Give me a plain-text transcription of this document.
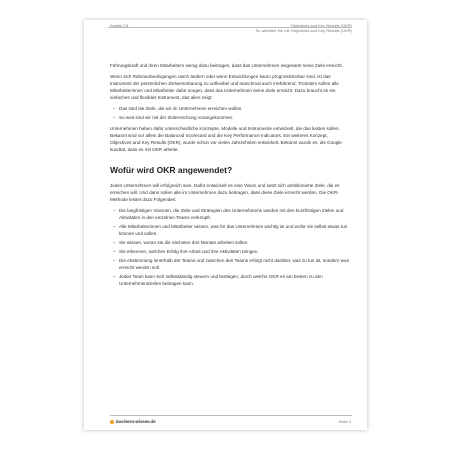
Kapitel 2|1	Objectives and Key Results (OKR)
So arbeiten Sie mit Objectives and Key Results (OKR)

Führungskraft und ihren Mitarbeitern wenig dazu beitragen, dass das Unternehmen insgesamt seine Ziele erreicht.

Wenn sich Rahmenbedingungen rasch ändern oder wenn Entwicklungen kaum prognostizierbar sind, ist das Instrument der persönlichen Zielvereinbarung zu unflexibel und manchmal auch irreführend. Trotzdem sollen alle Mitarbeiterinnen und Mitarbeiter dafür sorgen, dass das Unternehmen seine Ziele erreicht. Dazu braucht es ein einfaches und flexibles Instrument, das allen zeigt:

– Das sind die Ziele, die wir im Unternehmen erreichen wollen.
– So weit sind wir mit der Zielerreichung vorangekommen.

Unternehmen haben dafür unterschiedliche Konzepte, Modelle und Instrumente entwickelt, die das leisten sollen. Bekannt sind vor allem die Balanced Scorecard und die Key Performance Indicators. Ein weiteres Konzept, Objectives and Key Results (OKR), wurde schon vor vielen Jahrzehnten entwickelt. Bekannt wurde es, als Google kundtat, dass es mit OKR arbeite.

Wofür wird OKR angewendet?

Jedes Unternehmen will erfolgreich sein. Dafür entwickelt es eine Vision und setzt sich ambitionierte Ziele, die es erreichen will. Und dann sollen alle im Unternehmen dazu beitragen, dass diese Ziele erreicht werden. Die OKR-Methode leistet dazu Folgendes:

– Die langfristigen Visionen, die Ziele und Strategien des Unternehmens werden mit den kurzfristigen Zielen und Aktivitäten in den einzelnen Teams verknüpft.
– Alle Mitarbeiterinnen und Mitarbeiter wissen, was für das Unternehmen wichtig ist und wofür sie selbst etwas tun können und sollen.
– Sie wissen, woran sie die nächsten drei Monate arbeiten sollen.
– Sie erkennen, welchen Erfolg ihre Arbeit und ihre Aktivitäten bringen.
– Die Abstimmung innerhalb der Teams und zwischen den Teams erfolgt nicht darüber, was zu tun ist, sondern was erreicht werden soll.
– Jedes Team kann sich selbstständig steuern und festlegen, durch welche OKR es am besten zu den Unternehmenszielen beitragen kann.
business-wissen.de	Seite 3
